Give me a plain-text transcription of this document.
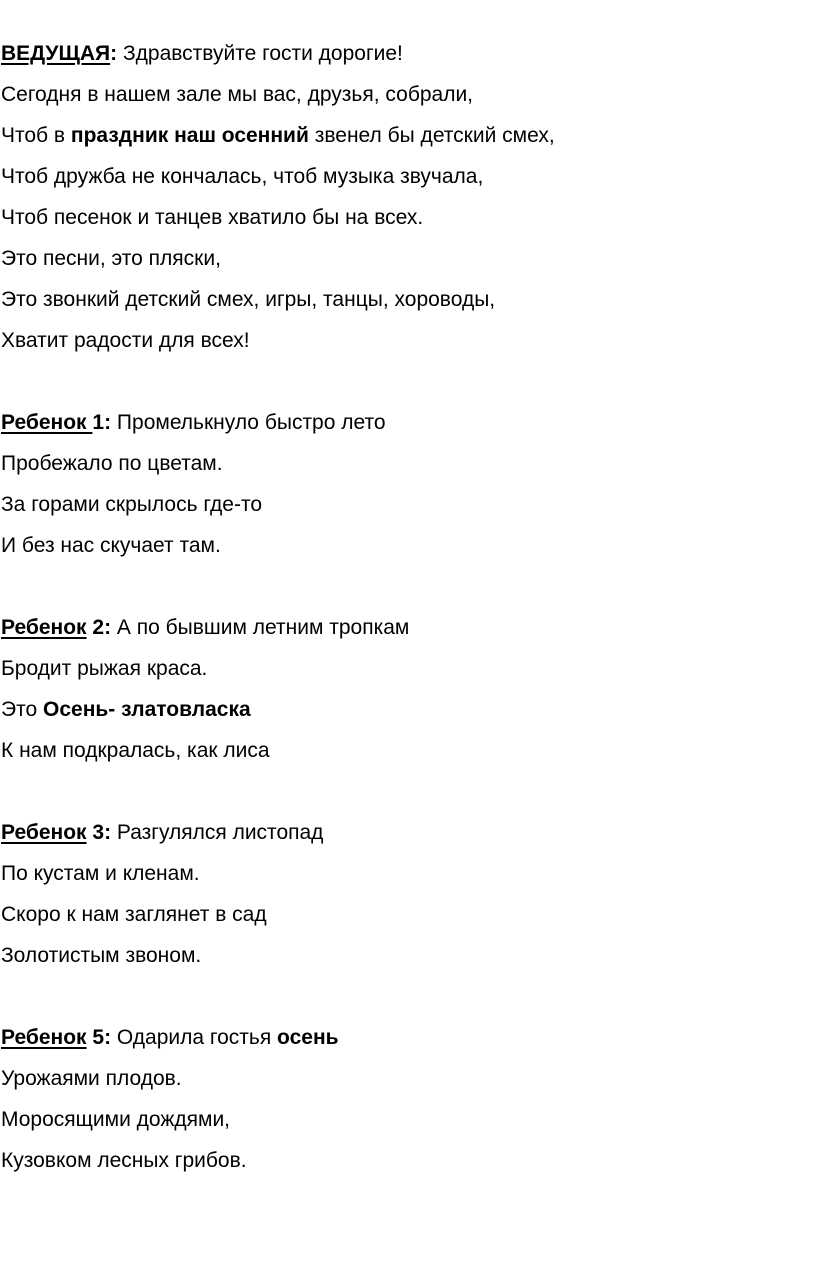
ВЕДУЩАЯ: Здравствуйте гости дорогие!
Сегодня в нашем зале мы вас, друзья, собрали,
Чтоб в праздник наш осенний звенел бы детский смех,
Чтоб дружба не кончалась, чтоб музыка звучала,
Чтоб песенок и танцев хватило бы на всех.
Это песни, это пляски,
Это звонкий детский смех, игры, танцы, хороводы,
Хватит радости для всех!
Ребенок 1: Промелькнуло быстро лето
Пробежало по цветам.
За горами скрылось где-то
И без нас скучает там.
Ребенок 2: А по бывшим летним тропкам
Бродит рыжая краса.
Это Осень- златовласка
К нам подкралась, как лиса
Ребенок 3: Разгулялся листопад
По кустам и кленам.
Скоро к нам заглянет в сад
Золотистым звоном.
Ребенок 5: Одарила гостья осень
Урожаями плодов.
Моросящими дождями,
Кузовком лесных грибов.
